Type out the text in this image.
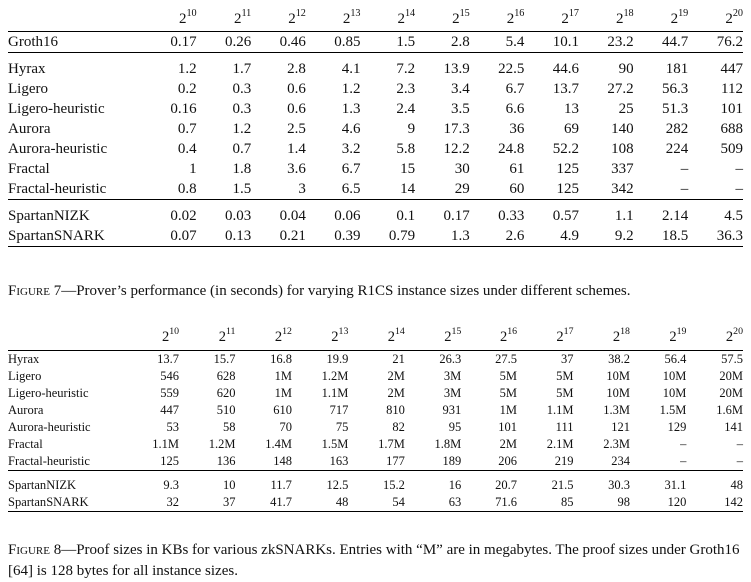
	$2^{10}$	$2^{11}$	$2^{12}$	$2^{13}$	$2^{14}$	$2^{15}$	$2^{16}$	$2^{17}$	$2^{18}$	$2^{19}$	$2^{20}$
Groth16	0.17	0.26	0.46	0.85	1.5	2.8	5.4	10.1	23.2	44.7	76.2
Hyrax	1.2	1.7	2.8	4.1	7.2	13.9	22.5	44.6	90	181	447
Ligero	0.2	0.3	0.6	1.2	2.3	3.4	6.7	13.7	27.2	56.3	112
Ligero-heuristic	0.16	0.3	0.6	1.3	2.4	3.5	6.6	13	25	51.3	101
Aurora	0.7	1.2	2.5	4.6	9	17.3	36	69	140	282	688
Aurora-heuristic	0.4	0.7	1.4	3.2	5.8	12.2	24.8	52.2	108	224	509
Fractal	1	1.8	3.6	6.7	15	30	61	125	337	–	–
Fractal-heuristic	0.8	1.5	3	6.5	14	29	60	125	342	–	–
SpartanNIZK	0.02	0.03	0.04	0.06	0.1	0.17	0.33	0.57	1.1	2.14	4.5
SpartanSNARK	0.07	0.13	0.21	0.39	0.79	1.3	2.6	4.9	9.2	18.5	36.3
Figure 7—Prover’s performance (in seconds) for varying R1CS instance sizes under different schemes.
	$2^{10}$	$2^{11}$	$2^{12}$	$2^{13}$	$2^{14}$	$2^{15}$	$2^{16}$	$2^{17}$	$2^{18}$	$2^{19}$	$2^{20}$
Hyrax	13.7	15.7	16.8	19.9	21	26.3	27.5	37	38.2	56.4	57.5
Ligero	546	628	1M	1.2M	2M	3M	5M	5M	10M	10M	20M
Ligero-heuristic	559	620	1M	1.1M	2M	3M	5M	5M	10M	10M	20M
Aurora	447	510	610	717	810	931	1M	1.1M	1.3M	1.5M	1.6M
Aurora-heuristic	53	58	70	75	82	95	101	111	121	129	141
Fractal	1.1M	1.2M	1.4M	1.5M	1.7M	1.8M	2M	2.1M	2.3M	–	–
Fractal-heuristic	125	136	148	163	177	189	206	219	234	–	–
SpartanNIZK	9.3	10	11.7	12.5	15.2	16	20.7	21.5	30.3	31.1	48
SpartanSNARK	32	37	41.7	48	54	63	71.6	85	98	120	142
Figure 8—Proof sizes in KBs for various zkSNARKs. Entries with “M” are in megabytes. The proof sizes under Groth16 [64] is 128 bytes for all instance sizes.
